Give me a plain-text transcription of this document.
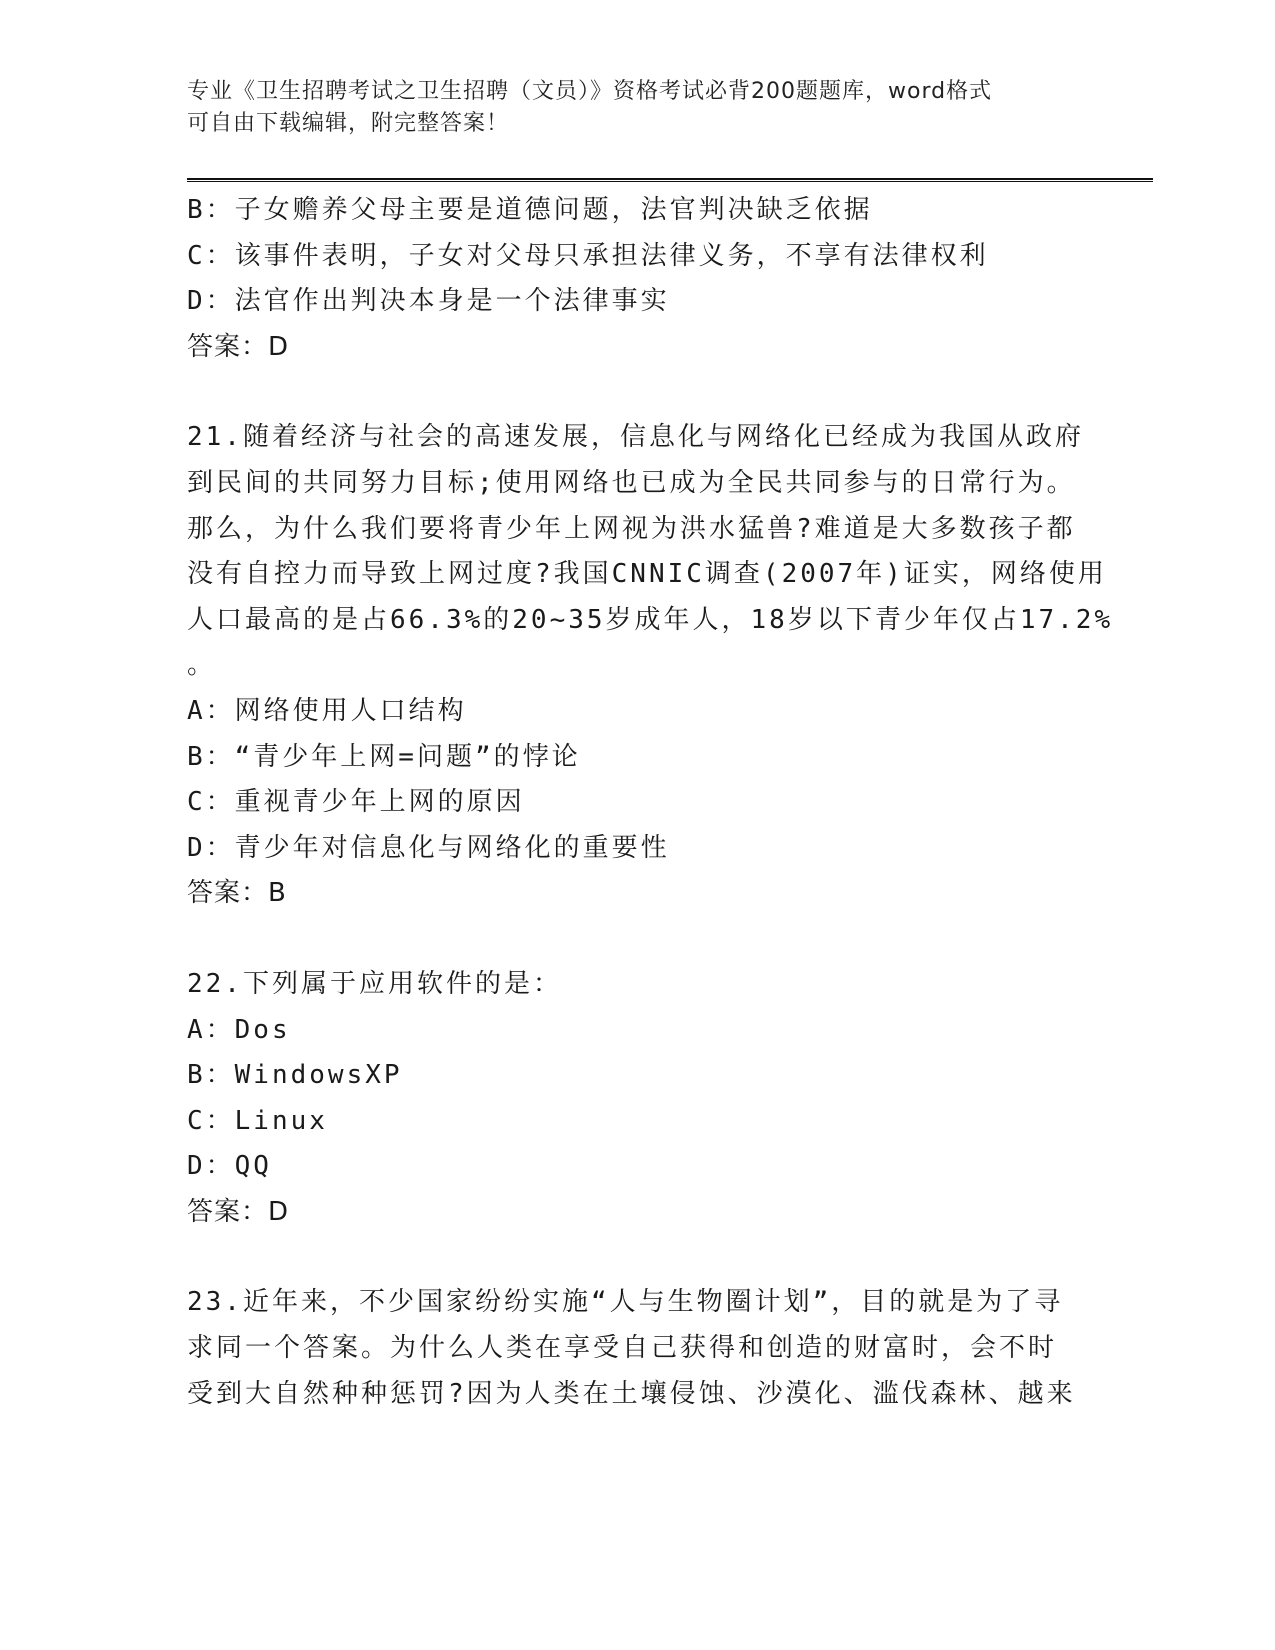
专业《卫生招聘考试之卫生招聘（文员）》资格考试必背200题题库，word格式
可自由下载编辑，附完整答案！
B：子女赡养父母主要是道德问题，法官判决缺乏依据
C：该事件表明，子女对父母只承担法律义务，不享有法律权利
D：法官作出判决本身是一个法律事实
答案：D
21.随着经济与社会的高速发展，信息化与网络化已经成为我国从政府
到民间的共同努力目标;使用网络也已成为全民共同参与的日常行为。
那么，为什么我们要将青少年上网视为洪水猛兽?难道是大多数孩子都
没有自控力而导致上网过度?我国CNNIC调查(2007年)证实，网络使用
人口最高的是占66.3%的20~35岁成年人，18岁以下青少年仅占17.2%
。
A：网络使用人口结构
B：“青少年上网=问题”的悖论
C：重视青少年上网的原因
D：青少年对信息化与网络化的重要性
答案：B
22.下列属于应用软件的是：
A：Dos
B：WindowsXP
C：Linux
D：QQ
答案：D
23.近年来，不少国家纷纷实施“人与生物圈计划”，目的就是为了寻
求同一个答案。为什么人类在享受自己获得和创造的财富时，会不时
受到大自然种种惩罚?因为人类在土壤侵蚀、沙漠化、滥伐森林、越来
